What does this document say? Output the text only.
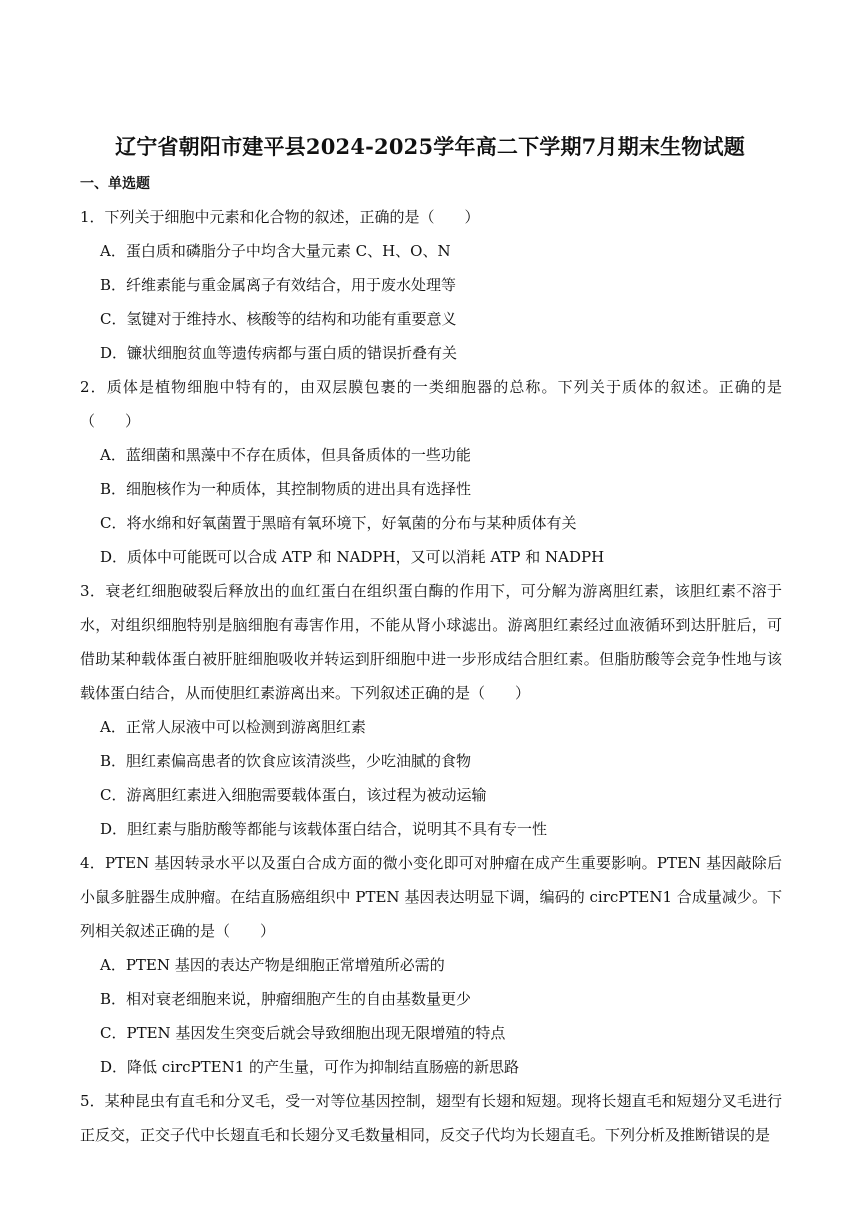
辽宁省朝阳市建平县2024-2025学年高二下学期7月期末生物试题
一、单选题

1．下列关于细胞中元素和化合物的叙述，正确的是（　　）

A．蛋白质和磷脂分子中均含大量元素 C、H、O、N

B．纤维素能与重金属离子有效结合，用于废水处理等

C．氢键对于维持水、核酸等的结构和功能有重要意义

D．镰状细胞贫血等遗传病都与蛋白质的错误折叠有关

2．质体是植物细胞中特有的，由双层膜包裹的一类细胞器的总称。下列关于质体的叙述。正确的是（　　）

A．蓝细菌和黑藻中不存在质体，但具备质体的一些功能

B．细胞核作为一种质体，其控制物质的进出具有选择性

C．将水绵和好氧菌置于黑暗有氧环境下，好氧菌的分布与某种质体有关

D．质体中可能既可以合成 ATP 和 NADPH，又可以消耗 ATP 和 NADPH

3．衰老红细胞破裂后释放出的血红蛋白在组织蛋白酶的作用下，可分解为游离胆红素，该胆红素不溶于水，对组织细胞特别是脑细胞有毒害作用，不能从肾小球滤出。游离胆红素经过血液循环到达肝脏后，可借助某种载体蛋白被肝脏细胞吸收并转运到肝细胞中进一步形成结合胆红素。但脂肪酸等会竞争性地与该载体蛋白结合，从而使胆红素游离出来。下列叙述正确的是（　　）

A．正常人尿液中可以检测到游离胆红素

B．胆红素偏高患者的饮食应该清淡些，少吃油腻的食物

C．游离胆红素进入细胞需要载体蛋白，该过程为被动运输

D．胆红素与脂肪酸等都能与该载体蛋白结合，说明其不具有专一性

4．PTEN 基因转录水平以及蛋白合成方面的微小变化即可对肿瘤在成产生重要影响。PTEN 基因敲除后小鼠多脏器生成肿瘤。在结直肠癌组织中 PTEN 基因表达明显下调，编码的 circPTEN1 合成量减少。下列相关叙述正确的是（　　）

A．PTEN 基因的表达产物是细胞正常增殖所必需的

B．相对衰老细胞来说，肿瘤细胞产生的自由基数量更少

C．PTEN 基因发生突变后就会导致细胞出现无限增殖的特点

D．降低 circPTEN1 的产生量，可作为抑制结直肠癌的新思路

5．某种昆虫有直毛和分叉毛，受一对等位基因控制，翅型有长翅和短翅。现将长翅直毛和短翅分叉毛进行正反交，正交子代中长翅直毛和长翅分叉毛数量相同，反交子代均为长翅直毛。下列分析及推断错误的是
